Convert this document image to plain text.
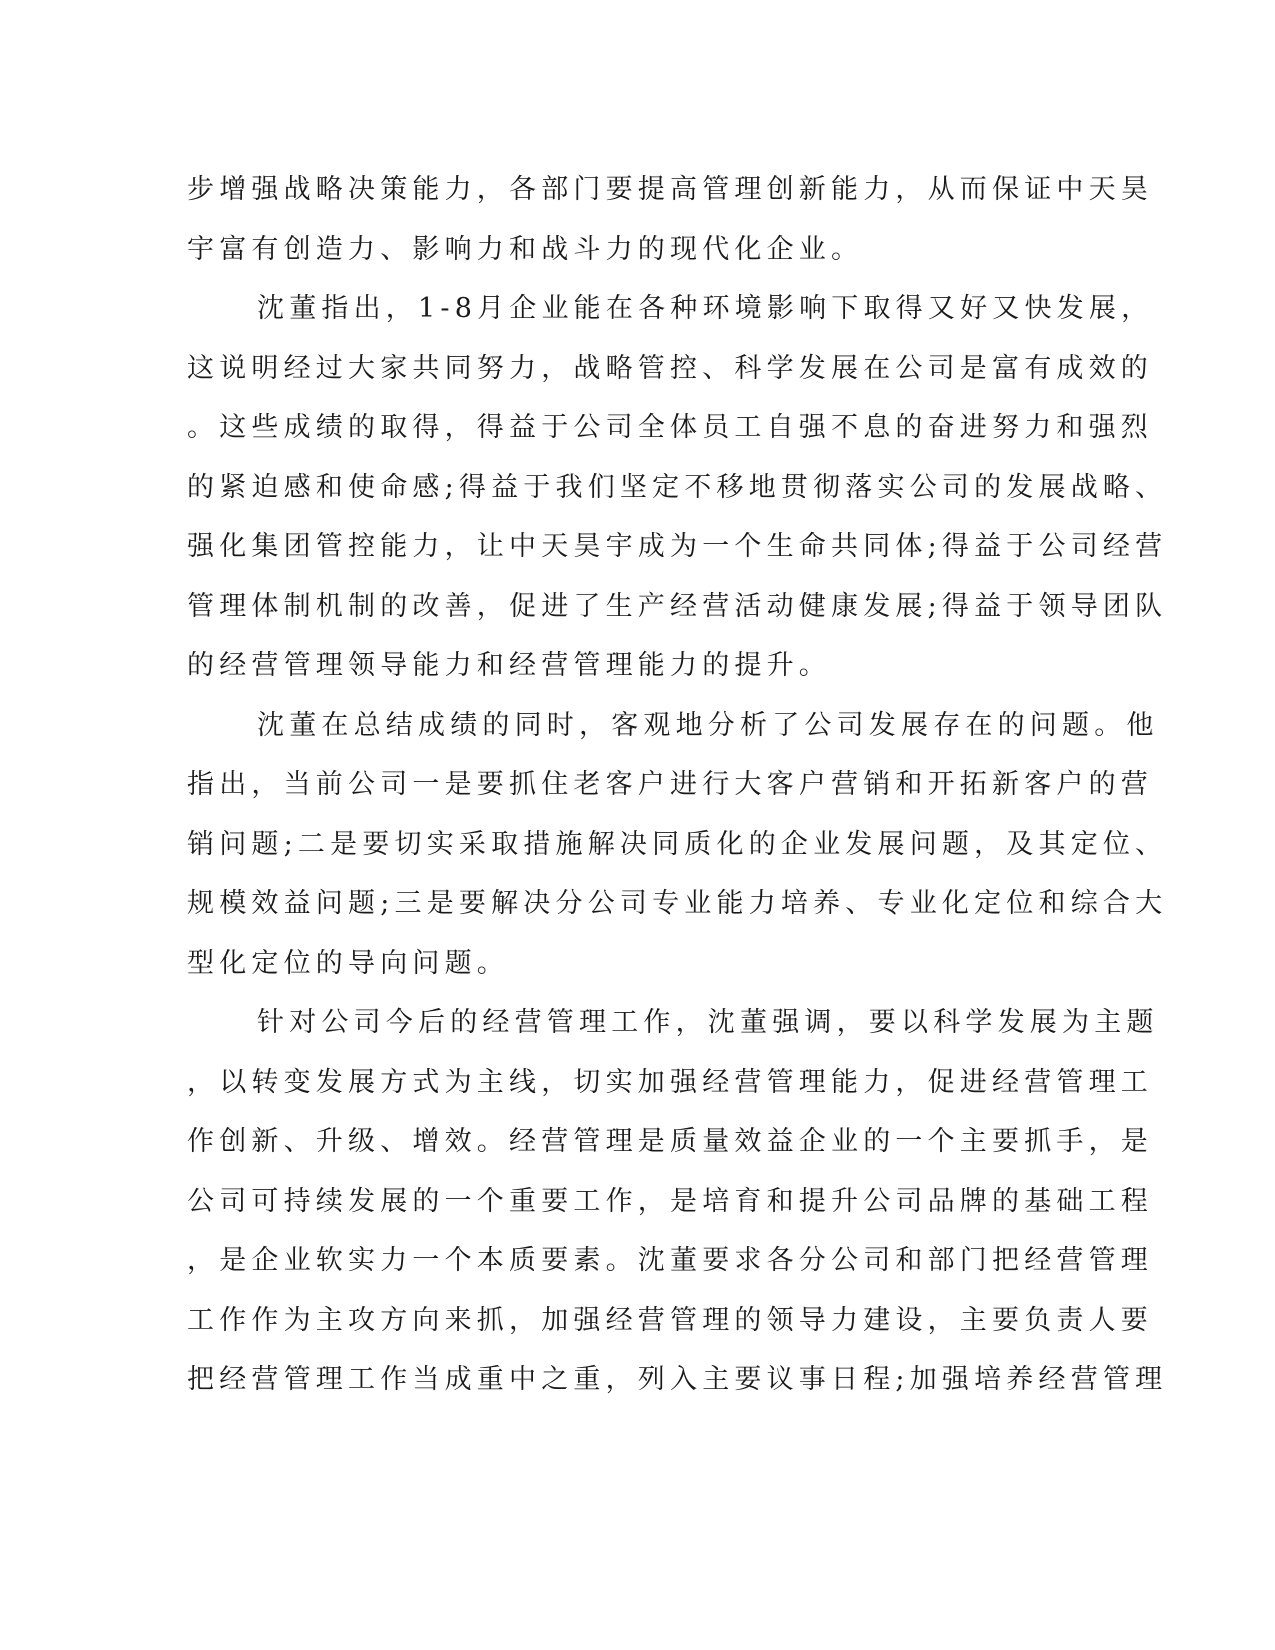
步增强战略决策能力，各部门要提高管理创新能力，从而保证中天昊
宇富有创造力、影响力和战斗力的现代化企业。
沈董指出，1-8月企业能在各种环境影响下取得又好又快发展，
这说明经过大家共同努力，战略管控、科学发展在公司是富有成效的
。这些成绩的取得，得益于公司全体员工自强不息的奋进努力和强烈
的紧迫感和使命感;得益于我们坚定不移地贯彻落实公司的发展战略、
强化集团管控能力，让中天昊宇成为一个生命共同体;得益于公司经营
管理体制机制的改善，促进了生产经营活动健康发展;得益于领导团队
的经营管理领导能力和经营管理能力的提升。
沈董在总结成绩的同时，客观地分析了公司发展存在的问题。他
指出，当前公司一是要抓住老客户进行大客户营销和开拓新客户的营
销问题;二是要切实采取措施解决同质化的企业发展问题，及其定位、
规模效益问题;三是要解决分公司专业能力培养、专业化定位和综合大
型化定位的导向问题。
针对公司今后的经营管理工作，沈董强调，要以科学发展为主题
，以转变发展方式为主线，切实加强经营管理能力，促进经营管理工
作创新、升级、增效。经营管理是质量效益企业的一个主要抓手，是
公司可持续发展的一个重要工作，是培育和提升公司品牌的基础工程
，是企业软实力一个本质要素。沈董要求各分公司和部门把经营管理
工作作为主攻方向来抓，加强经营管理的领导力建设，主要负责人要
把经营管理工作当成重中之重，列入主要议事日程;加强培养经营管理
